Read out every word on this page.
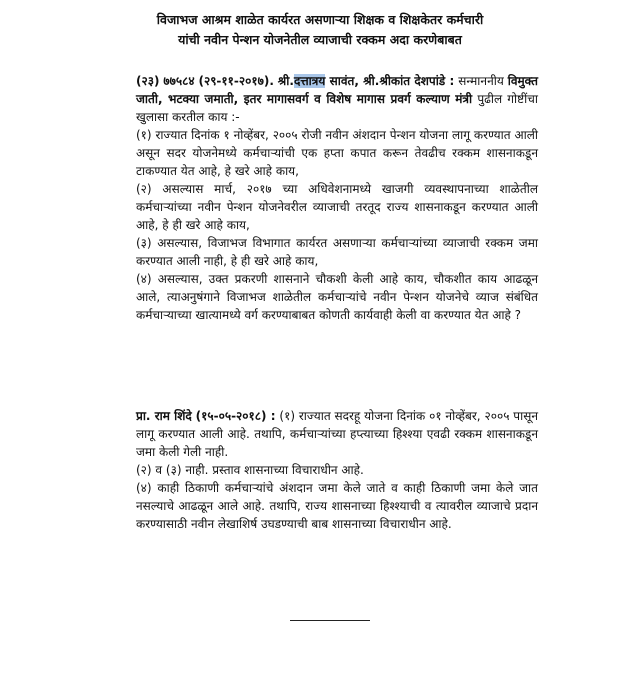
विजाभज आश्रम शाळेत कार्यरत असणाऱ्या शिक्षक व शिक्षकेतर कर्मचारी
यांची नवीन पेन्शन योजनेतील व्याजाची रक्कम अदा करणेबाबत
(२३) ७७५८४ (२९-११-२०१७). श्री.दत्तात्रय सावंत, श्री.श्रीकांत देशपांडे : सन्माननीय विमुक्त जाती, भटक्या जमाती, इतर मागासवर्ग व विशेष मागास प्रवर्ग कल्याण मंत्री पुढील गोष्टींचा खुलासा करतील काय :-

(१) राज्यात दिनांक १ नोव्हेंबर, २००५ रोजी नवीन अंशदान पेन्शन योजना लागू करण्यात आली असून सदर योजनेमध्ये कर्मचाऱ्यांची एक हप्ता कपात करून तेवढीच रक्कम शासनाकडून टाकण्यात येत आहे, हे खरे आहे काय,

(२) असल्यास मार्च, २०१७ च्या अधिवेशनामध्ये खाजगी व्यवस्थापनाच्या शाळेतील कर्मचाऱ्यांच्या नवीन पेन्शन योजनेवरील व्याजाची तरतूद राज्य शासनाकडून करण्यात आली आहे, हे ही खरे आहे काय,

(३) असल्यास, विजाभज विभागात कार्यरत असणाऱ्या कर्मचाऱ्यांच्या व्याजाची रक्कम जमा करण्यात आली नाही, हे ही खरे आहे काय,

(४) असल्यास, उक्त प्रकरणी शासनाने चौकशी केली आहे काय, चौकशीत काय आढळून आले, त्याअनुषंगाने विजाभज शाळेतील कर्मचाऱ्यांचे नवीन पेन्शन योजनेचे व्याज संबंधित कर्मचाऱ्याच्या खात्यामध्ये वर्ग करण्याबाबत कोणती कार्यवाही केली वा करण्यात येत आहे ?

प्रा. राम शिंदे (१५-०५-२०१८) : (१) राज्यात सदरहू योजना दिनांक ०१ नोव्हेंबर, २००५ पासून लागू करण्यात आली आहे. तथापि, कर्मचाऱ्यांच्या हप्त्याच्या हिश्श्या एवढी रक्कम शासनाकडून जमा केली गेली नाही.

(२) व (३) नाही. प्रस्ताव शासनाच्या विचाराधीन आहे.

(४) काही ठिकाणी कर्मचाऱ्यांचे अंशदान जमा केले जाते व काही ठिकाणी जमा केले जात नसल्याचे आढळून आले आहे. तथापि, राज्य शासनाच्या हिश्श्याची व त्यावरील व्याजाचे प्रदान करण्यासाठी नवीन लेखाशिर्ष उघडण्याची बाब शासनाच्या विचाराधीन आहे.
